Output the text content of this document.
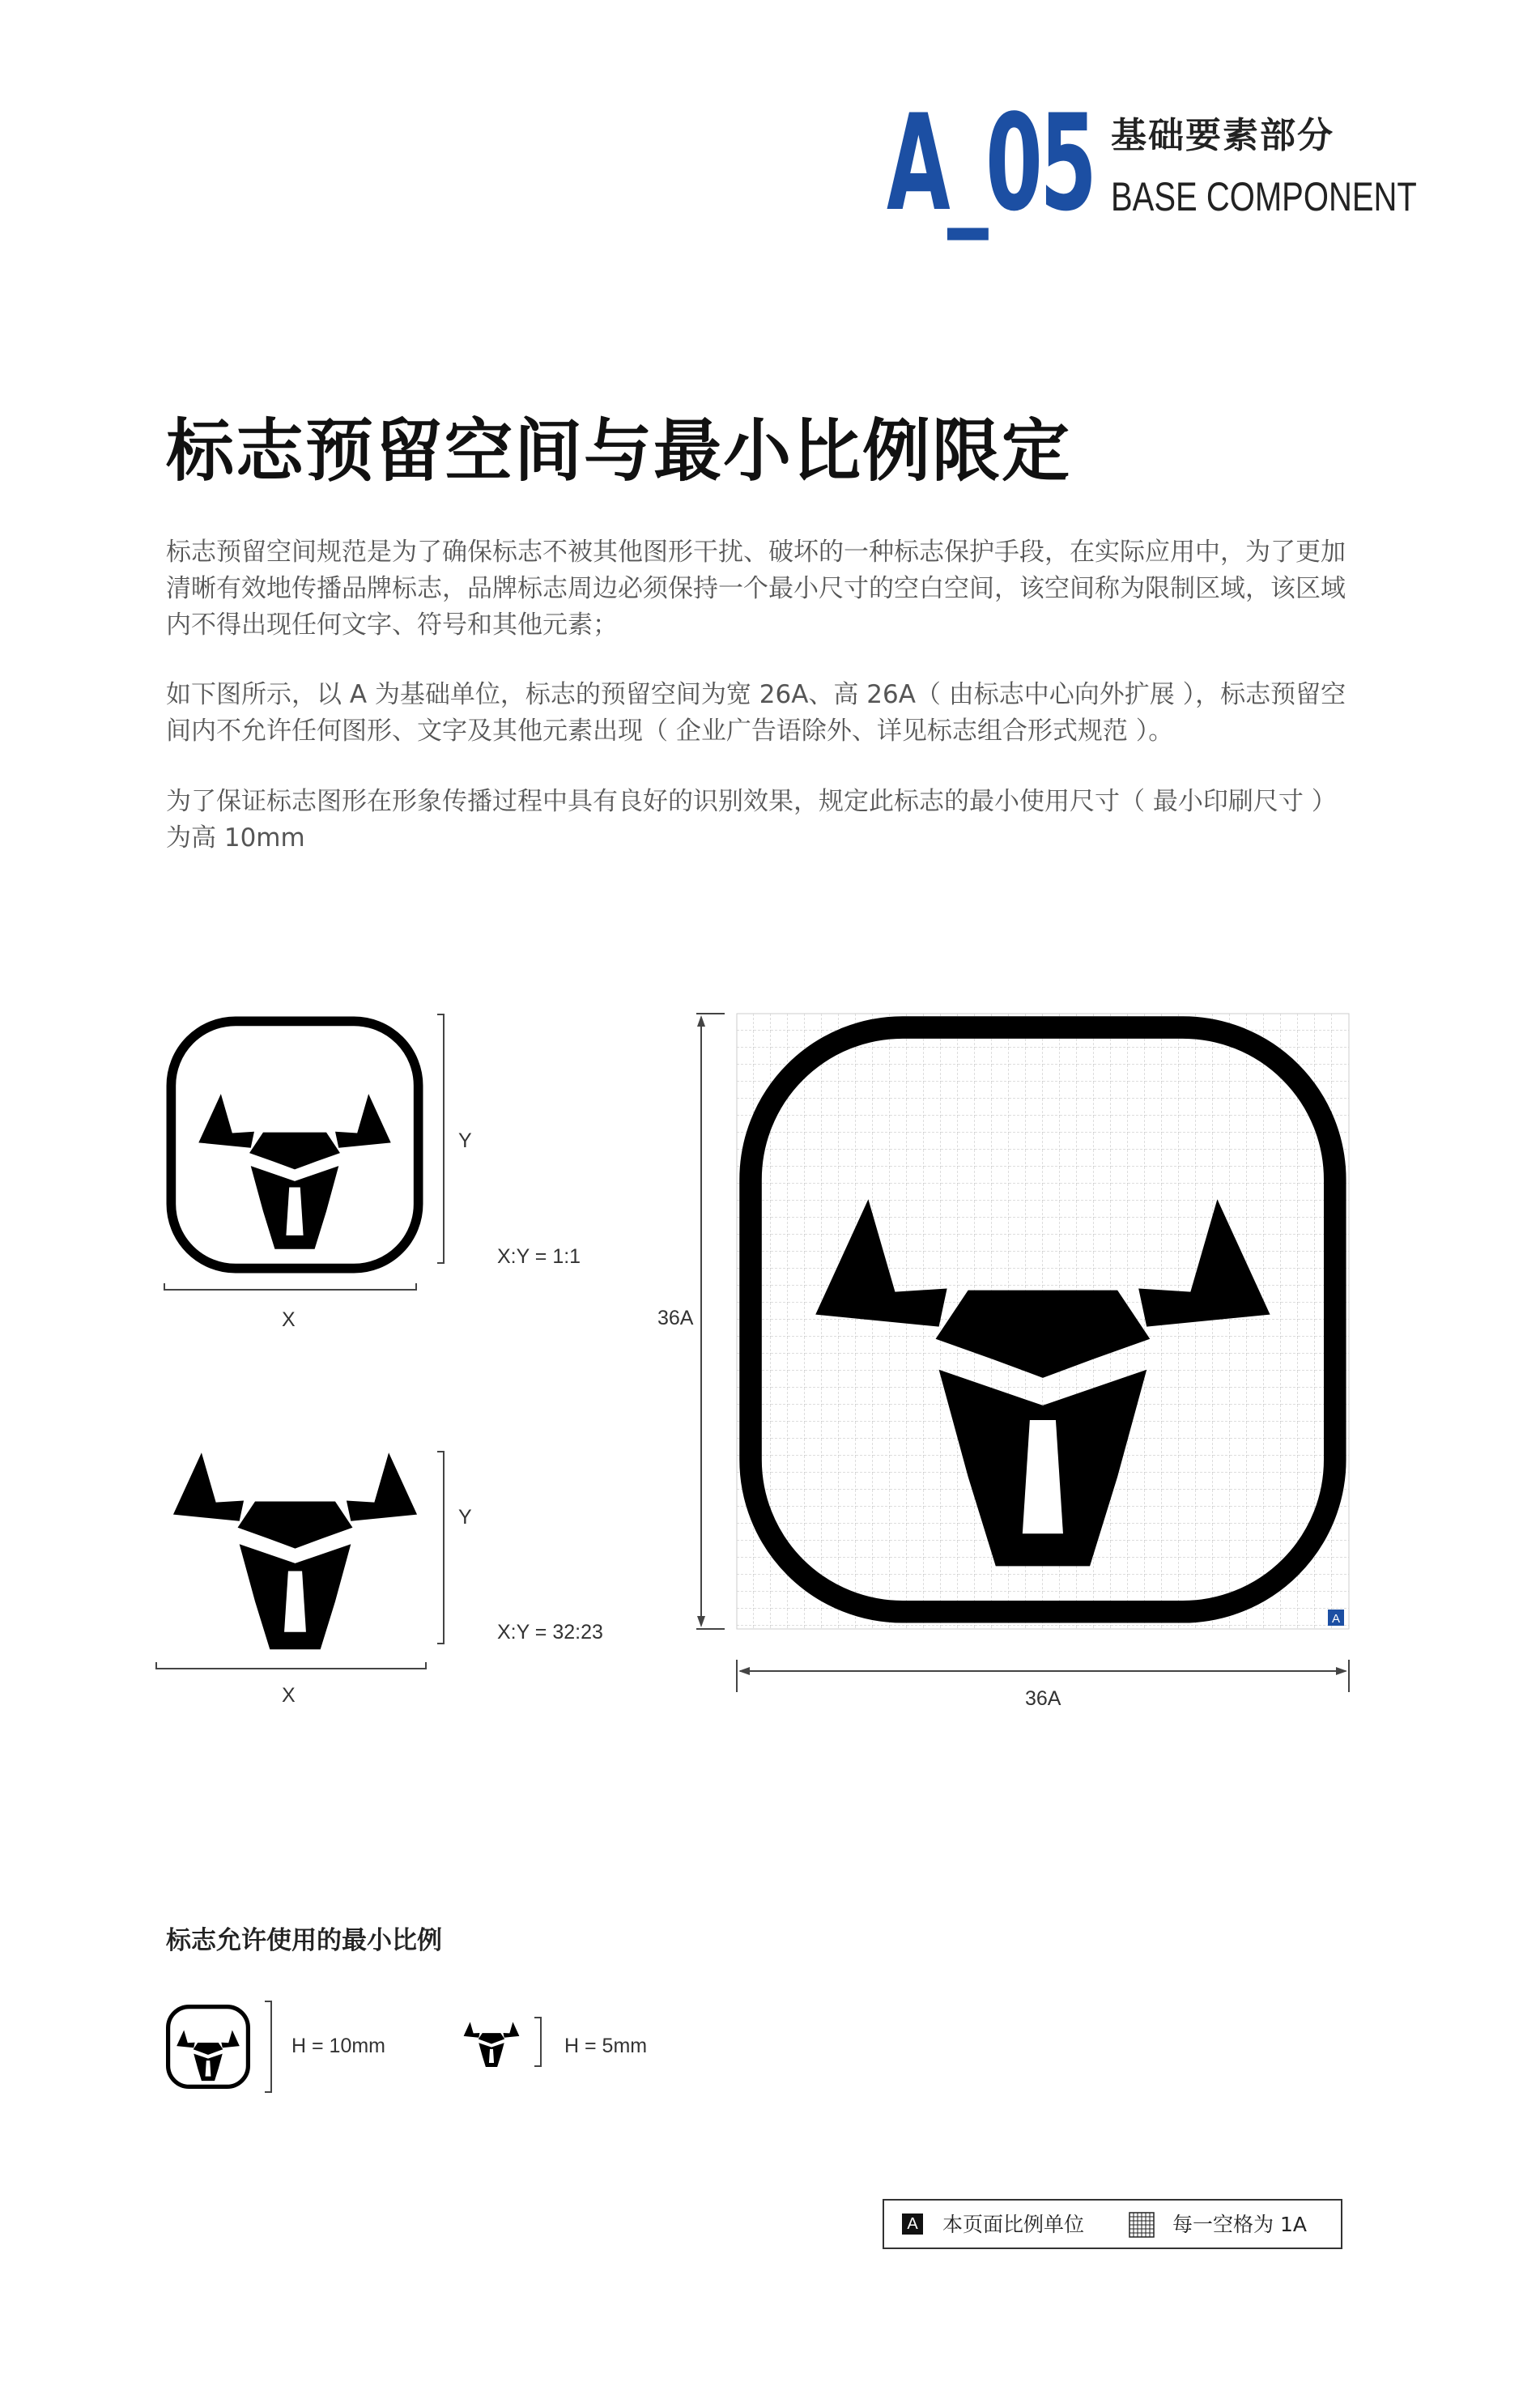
A_05 基础要素部分
BASE COMPONENT
标志预留空间与最小比例限定
标志预留空间规范是为了确保标志不被其他图形干扰、破坏的一种标志保护手段，在实际应用中，为了更加清晰有效地传播品牌标志，品牌标志周边必须保持一个最小尺寸的空白空间，该空间称为限制区域，该区域内不得出现任何文字、符号和其他元素；
如下图所示，以 A 为基础单位，标志的预留空间为宽 26A、高 26A（ 由标志中心向外扩展 ），标志预留空间内不允许任何图形、文字及其他元素出现（ 企业广告语除外、详见标志组合形式规范 ）。
为了保证标志图形在形象传播过程中具有良好的识别效果，规定此标志的最小使用尺寸（ 最小印刷尺寸 ）为高 10mm
Y
X
X:Y = 1:1
Y
X
X:Y = 32:23
A
36A
36A
标志允许使用的最小比例
H = 10mm	H = 5mm
A 本页面比例单位	每一空格为 1A
